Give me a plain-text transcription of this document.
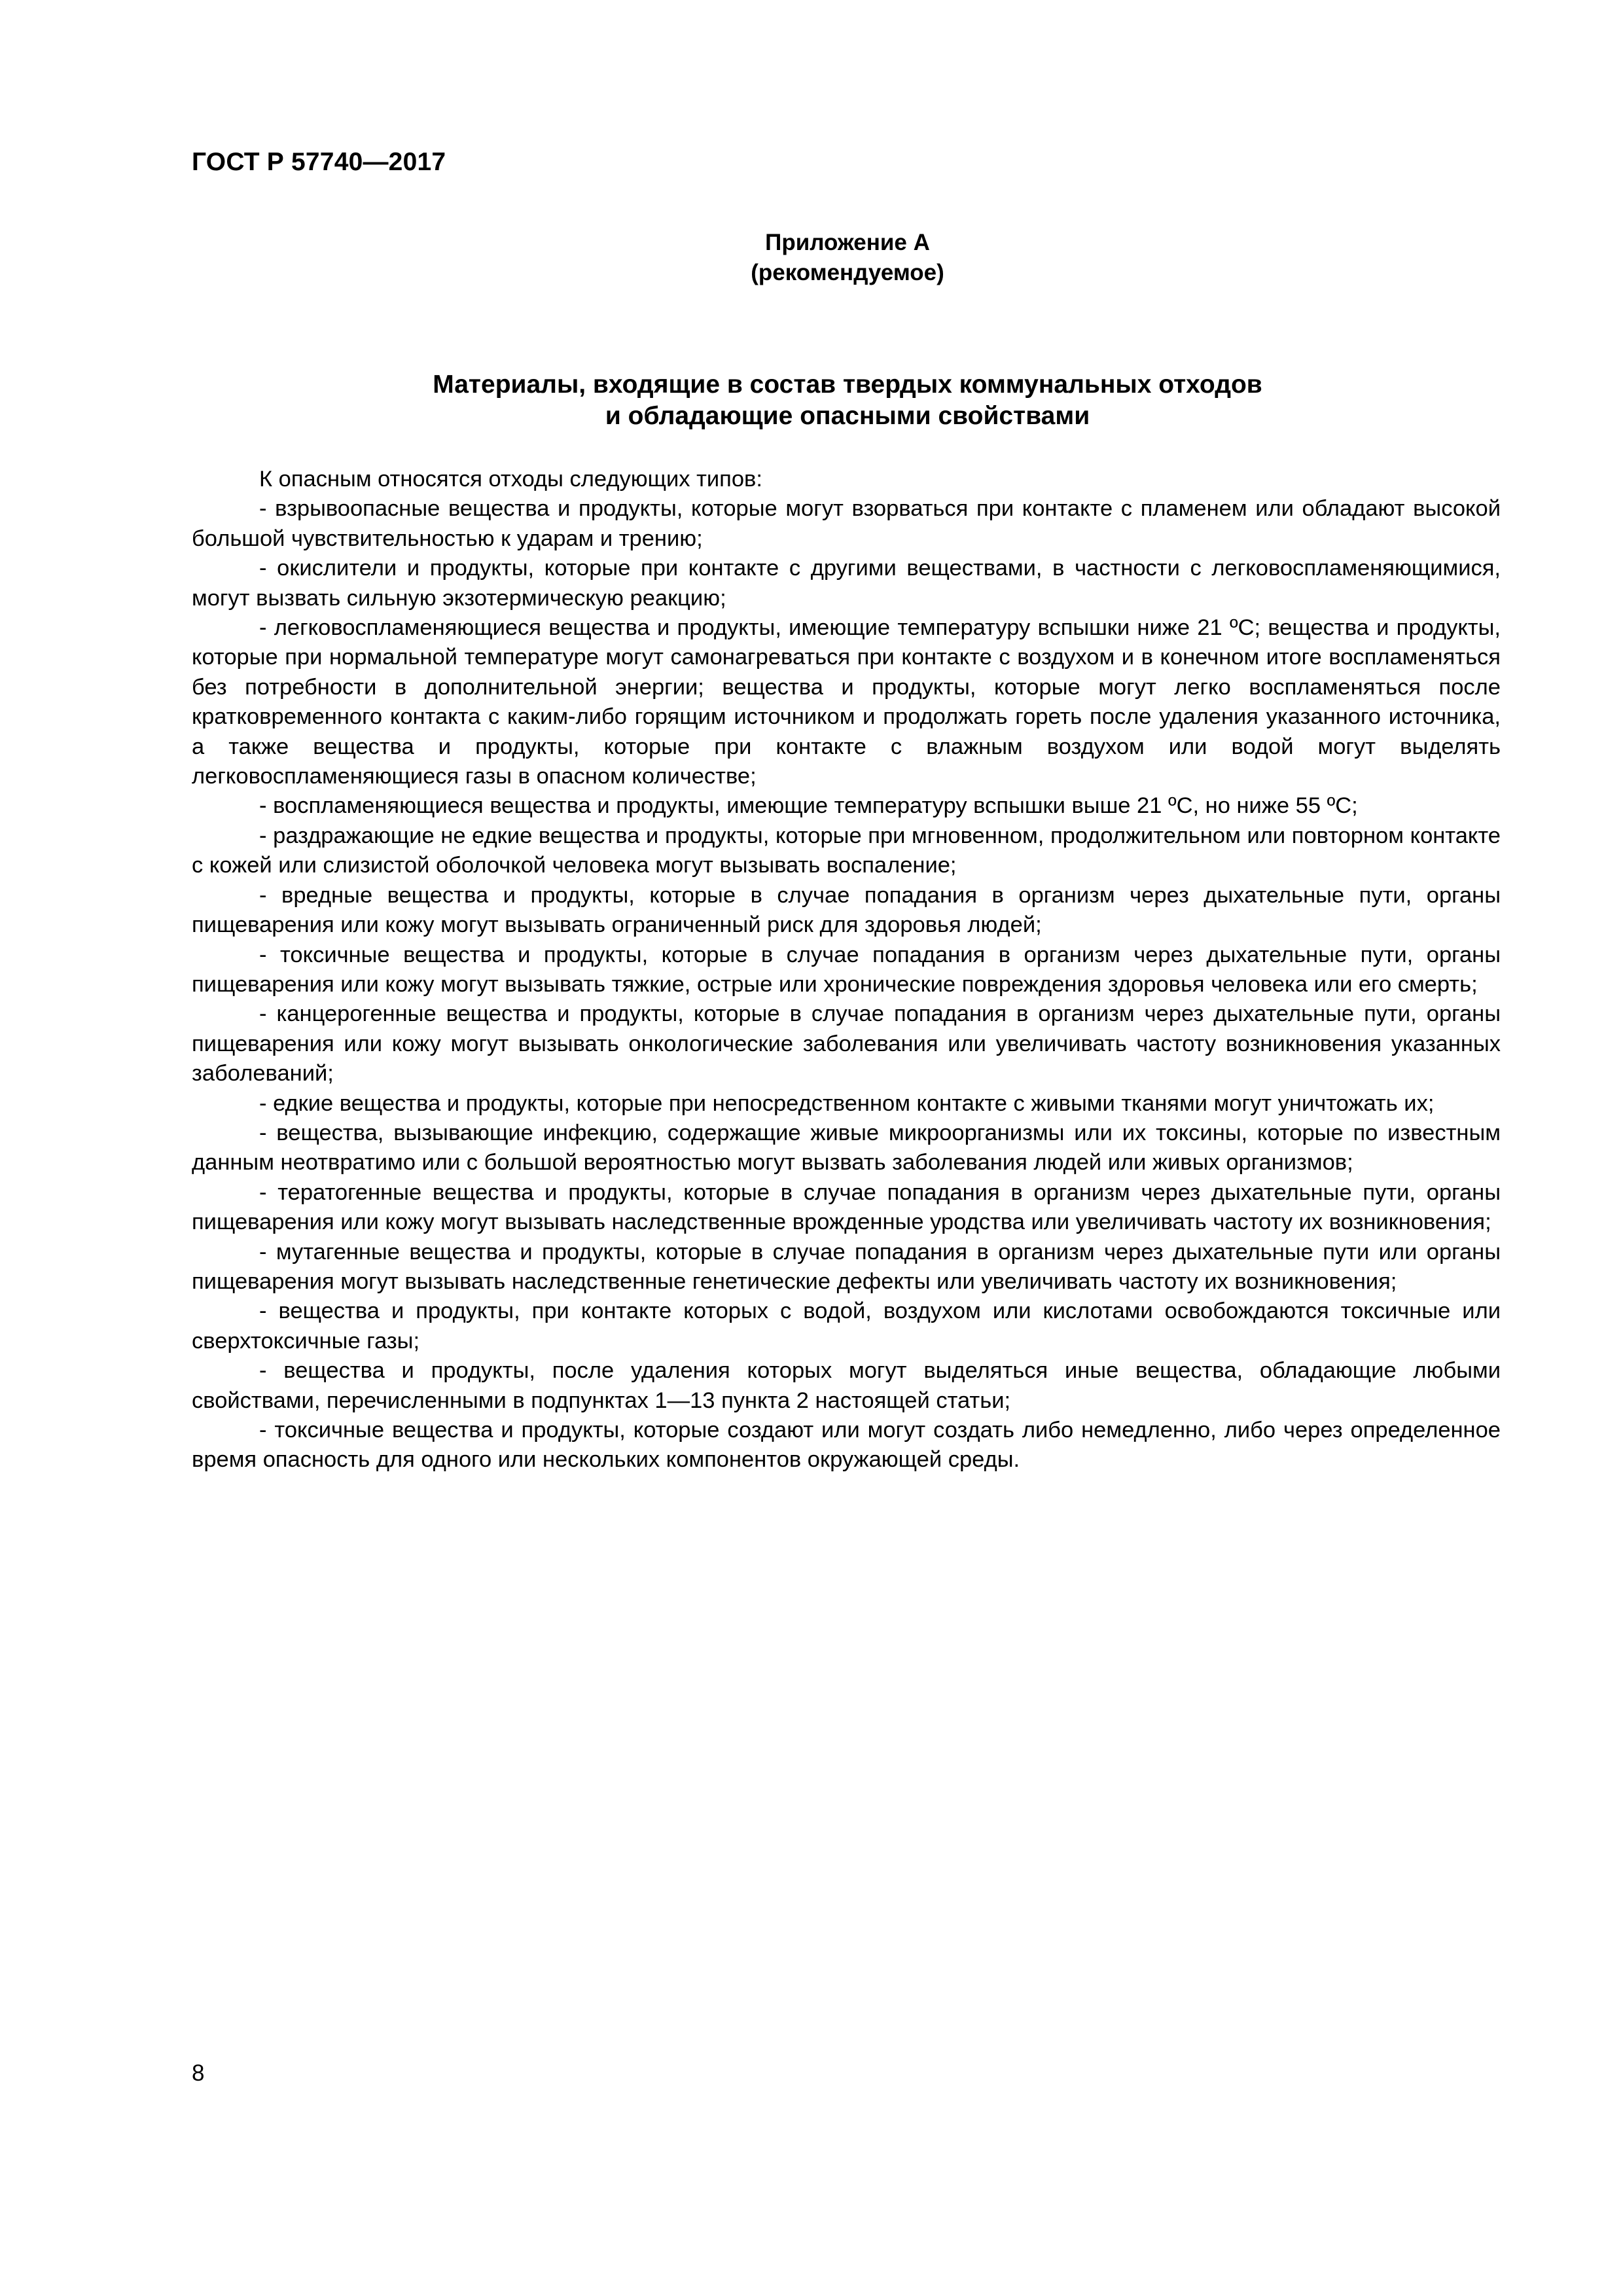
ГОСТ Р 57740—2017
Приложение А
(рекомендуемое)
Материалы, входящие в состав твердых коммунальных отходов
и обладающие опасными свойствами

К опасным относятся отходы следующих типов:

- взрывоопасные вещества и продукты, которые могут взорваться при контакте с пламенем или обладают высокой большой чувствительностью к ударам и трению;

- окислители и продукты, которые при контакте с другими веществами, в частности с легковоспламеняющимися, могут вызвать сильную экзотермическую реакцию;

- легковоспламеняющиеся вещества и продукты, имеющие температуру вспышки ниже 21 ºС; вещества и продукты, которые при нормальной температуре могут самонагреваться при контакте с воздухом и в конечном итоге воспламеняться без потребности в дополнительной энергии; вещества и продукты, которые могут легко воспламеняться после кратковременного контакта с каким-либо горящим источником и продолжать гореть после удаления указанного источника, а также вещества и продукты, которые при контакте с влажным воздухом или водой могут выделять легковоспламеняющиеся газы в опасном количестве;

- воспламеняющиеся вещества и продукты, имеющие температуру вспышки выше 21 ºС, но ниже 55 ºС;

- раздражающие не едкие вещества и продукты, которые при мгновенном, продолжительном или повторном контакте с кожей или слизистой оболочкой человека могут вызывать воспаление;

- вредные вещества и продукты, которые в случае попадания в организм через дыхательные пути, органы пищеварения или кожу могут вызывать ограниченный риск для здоровья людей;

- токсичные вещества и продукты, которые в случае попадания в организм через дыхательные пути, органы пищеварения или кожу могут вызывать тяжкие, острые или хронические повреждения здоровья человека или его смерть;

- канцерогенные вещества и продукты, которые в случае попадания в организм через дыхательные пути, органы пищеварения или кожу могут вызывать онкологические заболевания или увеличивать частоту возникновения указанных заболеваний;

- едкие вещества и продукты, которые при непосредственном контакте с живыми тканями могут уничтожать их;

- вещества, вызывающие инфекцию, содержащие живые микроорганизмы или их токсины, которые по известным данным неотвратимо или с большой вероятностью могут вызвать заболевания людей или живых организмов;

- тератогенные вещества и продукты, которые в случае попадания в организм через дыхательные пути, органы пищеварения или кожу могут вызывать наследственные врожденные уродства или увеличивать частоту их возникновения;

- мутагенные вещества и продукты, которые в случае попадания в организм через дыхательные пути или органы пищеварения могут вызывать наследственные генетические дефекты или увеличивать частоту их возникновения;

- вещества и продукты, при контакте которых с водой, воздухом или кислотами освобождаются токсичные или сверхтоксичные газы;

- вещества и продукты, после удаления которых могут выделяться иные вещества, обладающие любыми свойствами, перечисленными в подпунктах 1—13 пункта 2 настоящей статьи;

- токсичные вещества и продукты, которые создают или могут создать либо немедленно, либо через определенное время опасность для одного или нескольких компонентов окружающей среды.

8
